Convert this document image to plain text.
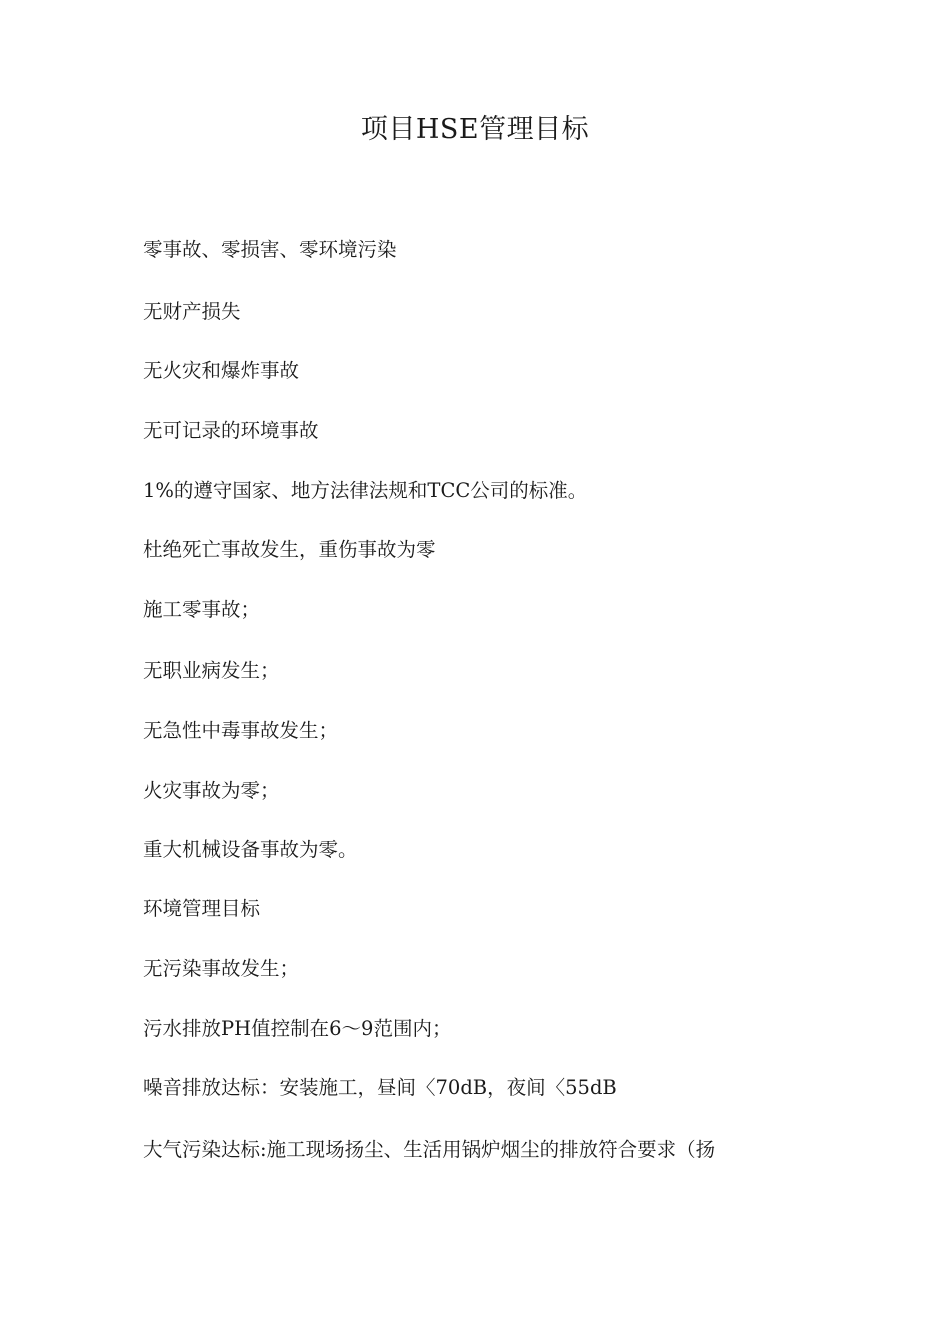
项目HSE管理目标
零事故、零损害、零环境污染
无财产损失
无火灾和爆炸事故
无可记录的环境事故
1%的遵守国家、地方法律法规和TCC公司的标准。
杜绝死亡事故发生，重伤事故为零
施工零事故；
无职业病发生；
无急性中毒事故发生；
火灾事故为零；
重大机械设备事故为零。
环境管理目标
无污染事故发生；
污水排放PH值控制在6〜9范围内；
噪音排放达标：安装施工，昼间〈70dB，夜间〈55dB
大气污染达标:施工现场扬尘、生活用锅炉烟尘的排放符合要求（扬
